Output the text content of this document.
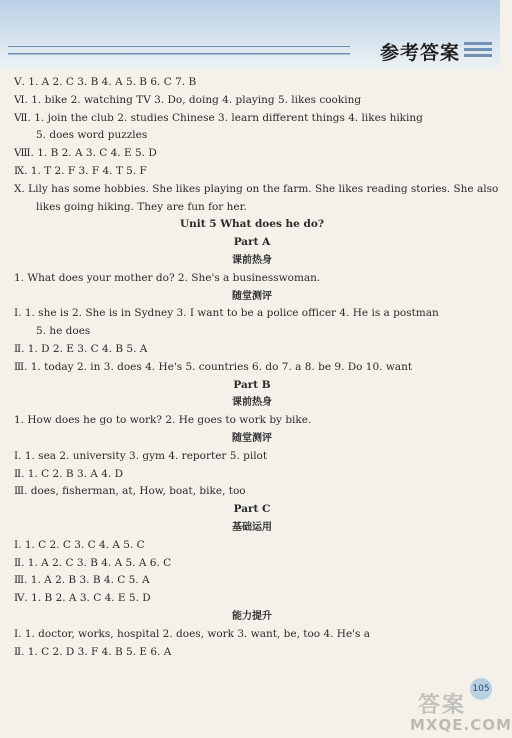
参考答案
Ⅴ. 1. A 2. C 3. B 4. A 5. B 6. C 7. B
Ⅵ. 1. bike 2. watching TV 3. Do, doing 4. playing 5. likes cooking
Ⅶ. 1. join the club 2. studies Chinese 3. learn different things 4. likes hiking
5. does word puzzles
Ⅷ. 1. B 2. A 3. C 4. E 5. D
Ⅸ. 1. T 2. F 3. F 4. T 5. F
Ⅹ. Lily has some hobbies. She likes playing on the farm. She likes reading stories. She also
likes going hiking. They are fun for her.
Unit 5 What does he do?
Part A
课前热身
1. What does your mother do? 2. She's a businesswoman.
随堂测评
Ⅰ. 1. she is 2. She is in Sydney 3. I want to be a police officer 4. He is a postman
5. he does
Ⅱ. 1. D 2. E 3. C 4. B 5. A
Ⅲ. 1. today 2. in 3. does 4. He's 5. countries 6. do 7. a 8. be 9. Do 10. want
Part B
课前热身
1. How does he go to work? 2. He goes to work by bike.
随堂测评
Ⅰ. 1. sea 2. university 3. gym 4. reporter 5. pilot
Ⅱ. 1. C 2. B 3. A 4. D
Ⅲ. does, fisherman, at, How, boat, bike, too
Part C
基础运用
Ⅰ. 1. C 2. C 3. C 4. A 5. C
Ⅱ. 1. A 2. C 3. B 4. A 5. A 6. C
Ⅲ. 1. A 2. B 3. B 4. C 5. A
Ⅳ. 1. B 2. A 3. C 4. E 5. D
能力提升
Ⅰ. 1. doctor, works, hospital 2. does, work 3. want, be, too 4. He's a
Ⅱ. 1. C 2. D 3. F 4. B 5. E 6. A
105
答案
MXQE.COM
